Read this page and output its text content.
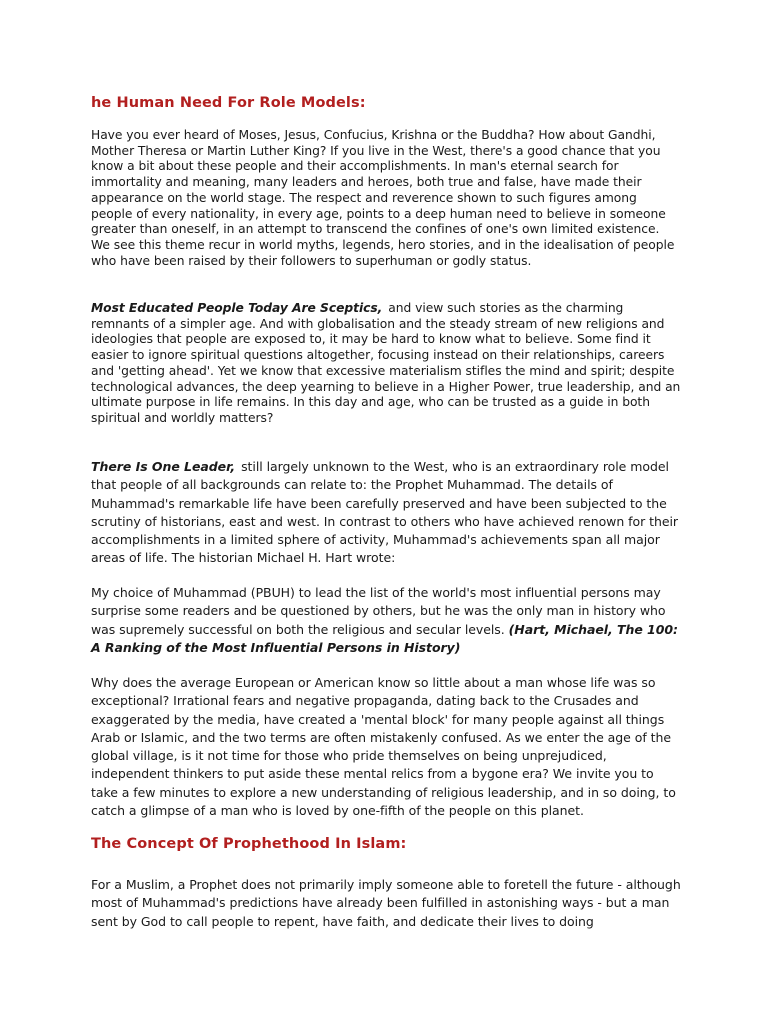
he Human Need For Role Models:

Have you ever heard of Moses, Jesus, Confucius, Krishna or the Buddha? How about Gandhi, Mother Theresa or Martin Luther King? If you live in the West, there's a good chance that you know a bit about these people and their accomplishments. In man's eternal search for immortality and meaning, many leaders and heroes, both true and false, have made their appearance on the world stage. The respect and reverence shown to such figures among people of every nationality, in every age, points to a deep human need to believe in someone greater than oneself, in an attempt to transcend the confines of one's own limited existence. We see this theme recur in world myths, legends, hero stories, and in the idealisation of people who have been raised by their followers to superhuman or godly status.

Most Educated People Today Are Sceptics, and view such stories as the charming remnants of a simpler age. And with globalisation and the steady stream of new religions and ideologies that people are exposed to, it may be hard to know what to believe. Some find it easier to ignore spiritual questions altogether, focusing instead on their relationships, careers and 'getting ahead'. Yet we know that excessive materialism stifles the mind and spirit; despite technological advances, the deep yearning to believe in a Higher Power, true leadership, and an ultimate purpose in life remains. In this day and age, who can be trusted as a guide in both spiritual and worldly matters?

There Is One Leader, still largely unknown to the West, who is an extraordinary role model that people of all backgrounds can relate to: the Prophet Muhammad. The details of Muhammad's remarkable life have been carefully preserved and have been subjected to the scrutiny of historians, east and west. In contrast to others who have achieved renown for their accomplishments in a limited sphere of activity, Muhammad's achievements span all major areas of life. The historian Michael H. Hart wrote:

My choice of Muhammad (PBUH) to lead the list of the world's most influential persons may surprise some readers and be questioned by others, but he was the only man in history who was supremely successful on both the religious and secular levels. (Hart, Michael, The 100: A Ranking of the Most Influential Persons in History)

Why does the average European or American know so little about a man whose life was so exceptional? Irrational fears and negative propaganda, dating back to the Crusades and exaggerated by the media, have created a 'mental block' for many people against all things Arab or Islamic, and the two terms are often mistakenly confused. As we enter the age of the global village, is it not time for those who pride themselves on being unprejudiced, independent thinkers to put aside these mental relics from a bygone era? We invite you to take a few minutes to explore a new understanding of religious leadership, and in so doing, to catch a glimpse of a man who is loved by one-fifth of the people on this planet.

The Concept Of Prophethood In Islam:

For a Muslim, a Prophet does not primarily imply someone able to foretell the future - although most of Muhammad's predictions have already been fulfilled in astonishing ways - but a man sent by God to call people to repent, have faith, and dedicate their lives to doing
